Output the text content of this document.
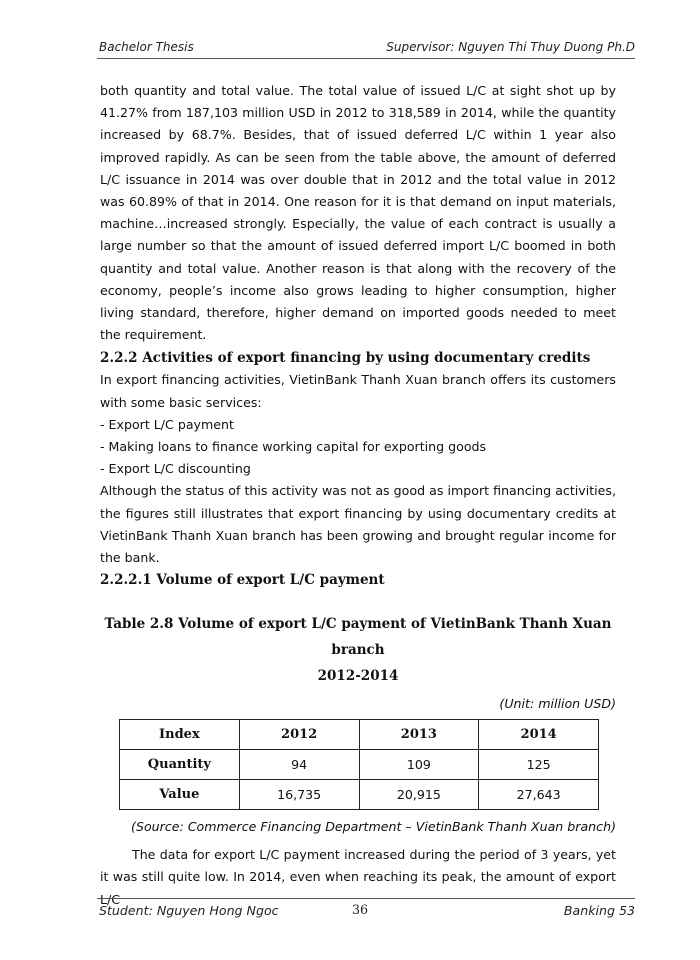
Bachelor Thesis	Supervisor: Nguyen Thi Thuy Duong Ph.D

both quantity and total value. The total value of issued L/C at sight shot up by 41.27% from 187,103 million USD in 2012 to 318,589 in 2014, while the quantity increased by 68.7%. Besides, that of issued deferred L/C within 1 year also improved rapidly. As can be seen from the table above, the amount of deferred L/C issuance in 2014 was over double that in 2012 and the total value in 2012 was 60.89% of that in 2014. One reason for it is that demand on input materials, machine…increased strongly. Especially, the value of each contract is usually a large number so that the amount of issued deferred import L/C boomed in both quantity and total value. Another reason is that along with the recovery of the economy, people’s income also grows leading to higher consumption, higher living standard, therefore, higher demand on imported goods needed to meet the requirement.

2.2.2 Activities of export financing by using documentary credits

In export financing activities, VietinBank Thanh Xuan branch offers its customers with some basic services:

- Export L/C payment
- Making loans to finance working capital for exporting goods
- Export L/C discounting

Although the status of this activity was not as good as import financing activities, the figures still illustrates that export financing by using documentary credits at VietinBank Thanh Xuan branch has been growing and brought regular income for the bank.

2.2.2.1 Volume of export L/C payment
Table 2.8 Volume of export L/C payment of VietinBank Thanh Xuan branch
2012-2014
(Unit: million USD)
Index	2012	2013	2014
Quantity	94	109	125
Value	16,735	20,915	27,643
(Source: Commerce Financing Department – VietinBank Thanh Xuan branch)

The data for export L/C payment increased during the period of 3 years, yet it was still quite low. In 2014, even when reaching its peak, the amount of export L/C

Student: Nguyen Hong Ngoc	36	Banking 53
